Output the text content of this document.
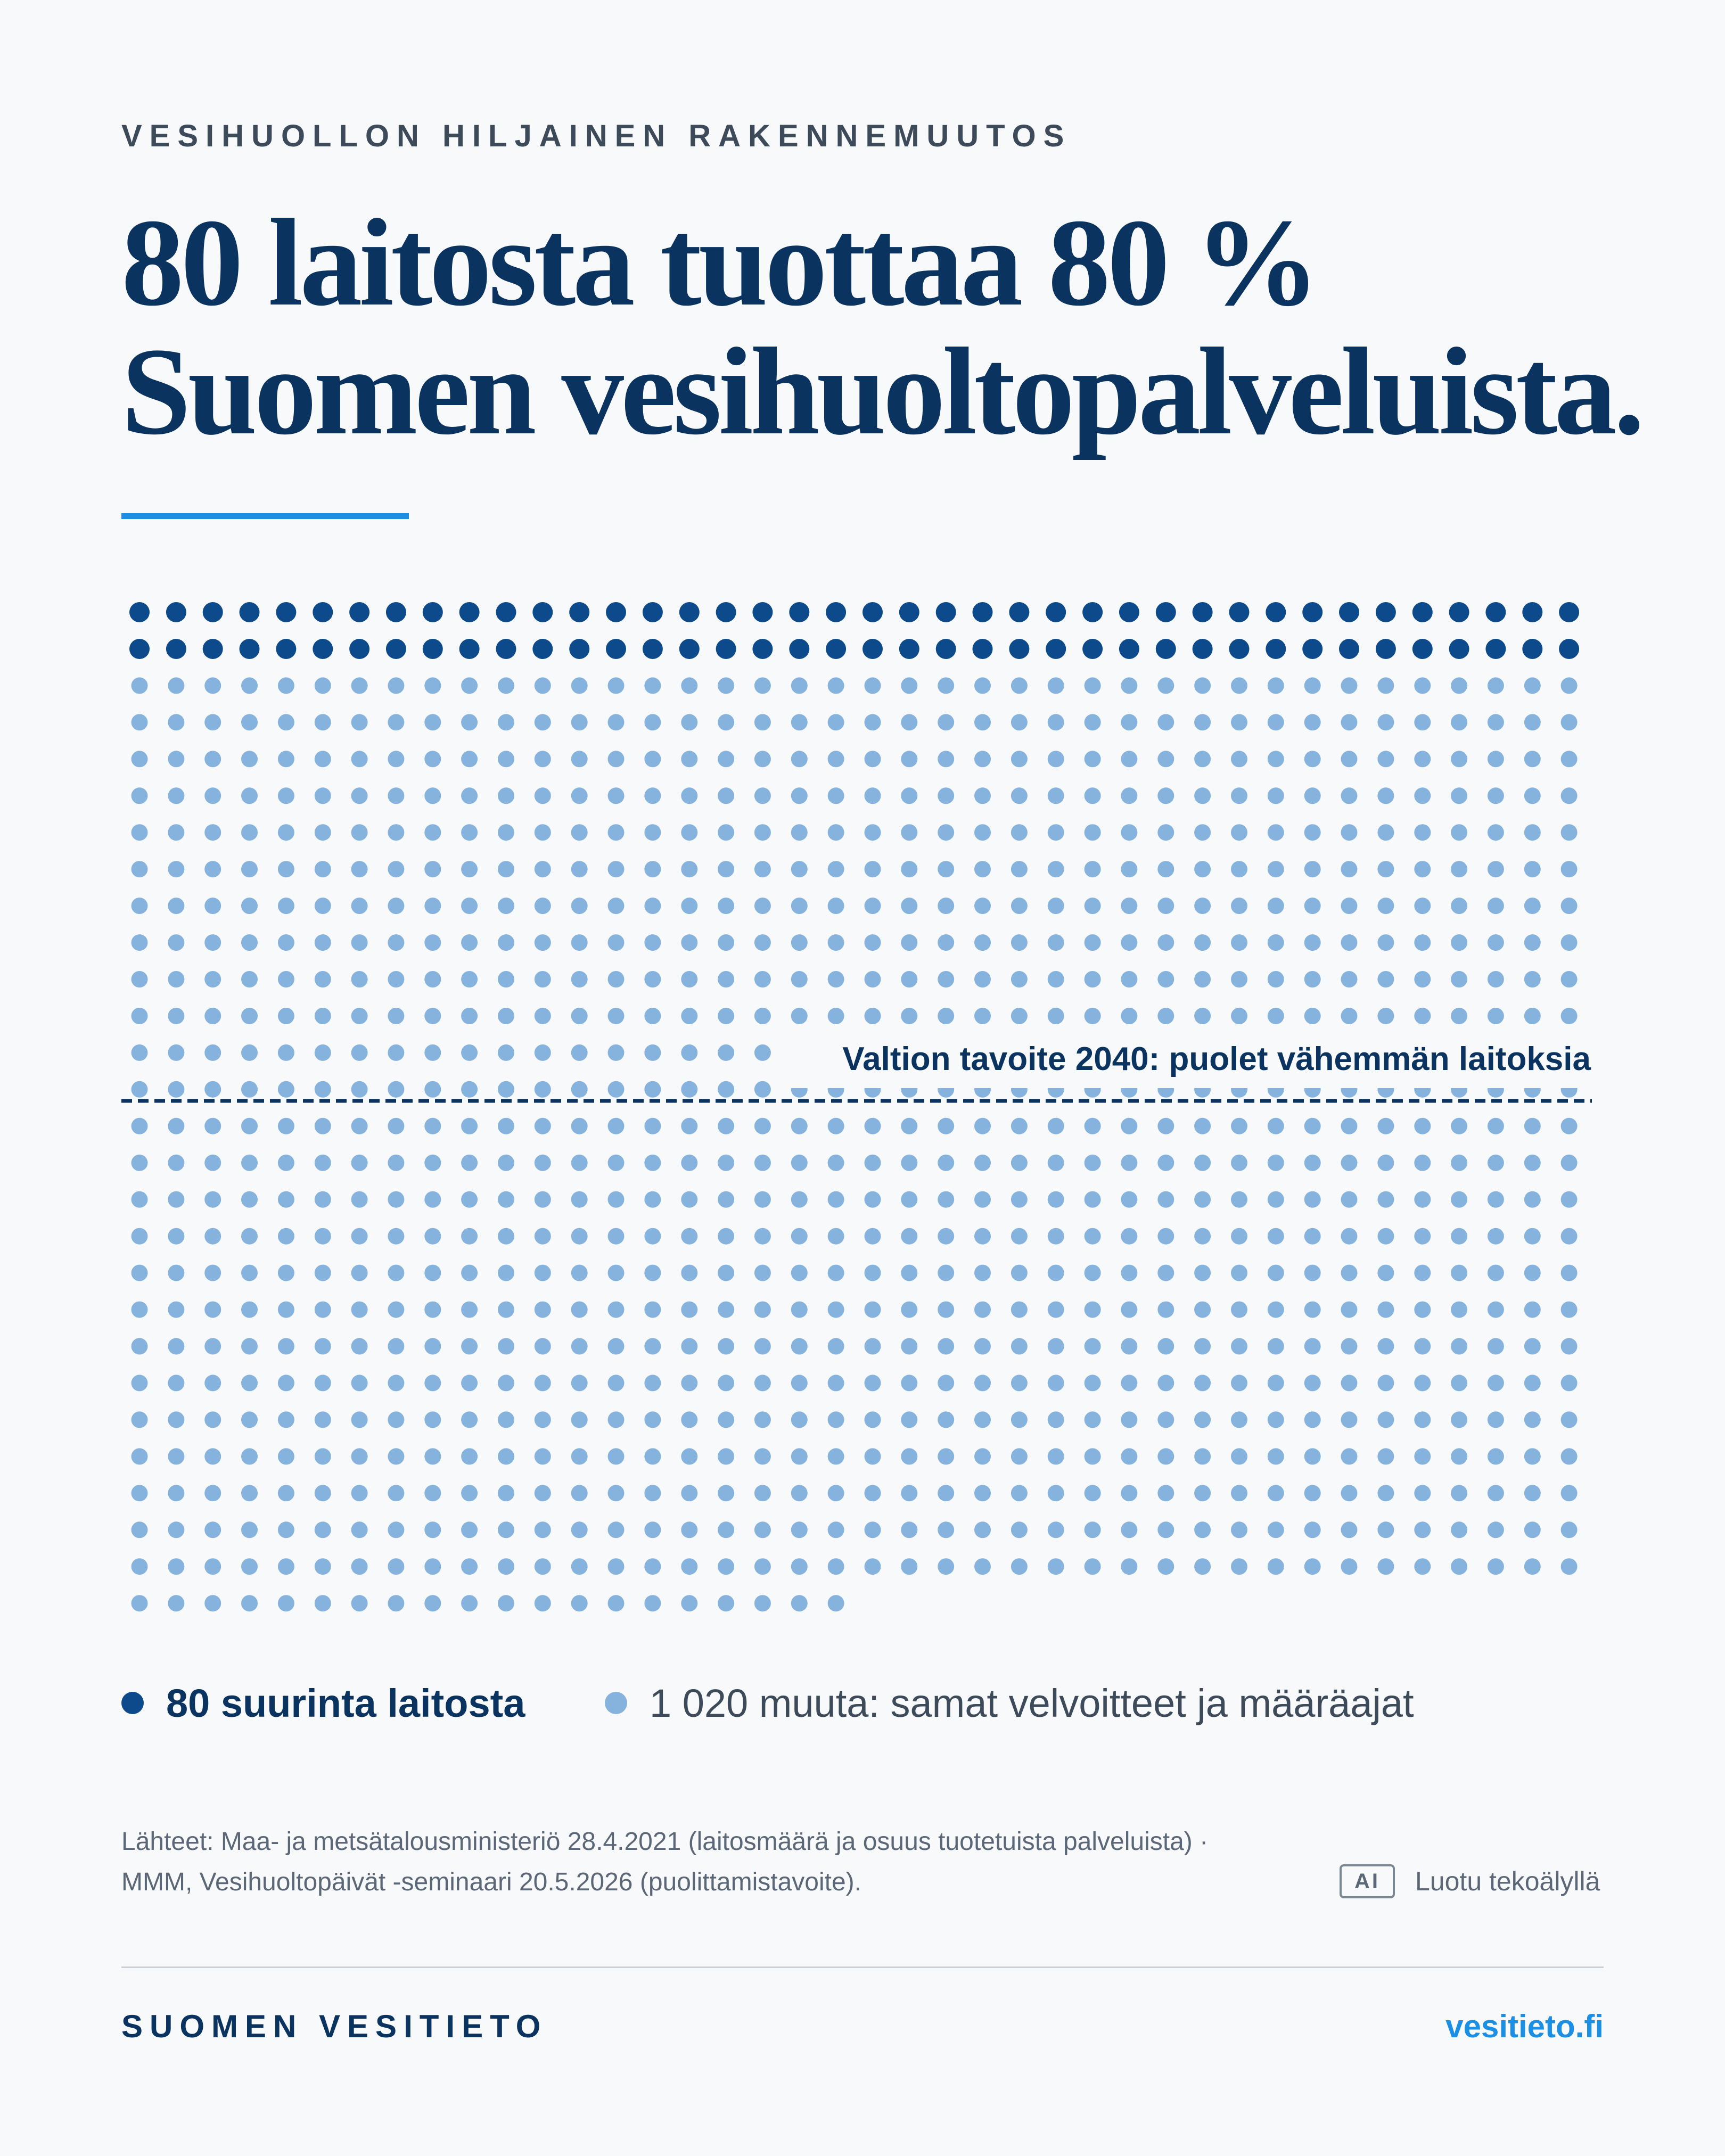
VESIHUOLLON HILJAINEN RAKENNEMUUTOS
80 laitosta tuottaa 80 %
Suomen vesihuoltopalveluista.
Valtion tavoite 2040: puolet vähemmän laitoksia
80 suurinta laitosta	1 020 muuta: samat velvoitteet ja määräajat
Lähteet: Maa- ja metsätalousministeriö 28.4.2021 (laitosmäärä ja osuus tuotetuista palveluista) ·
MMM, Vesihuoltopäivät -seminaari 20.5.2026 (puolittamistavoite).	AI	Luotu tekoälyllä
SUOMEN VESITIETO	vesitieto.fi
